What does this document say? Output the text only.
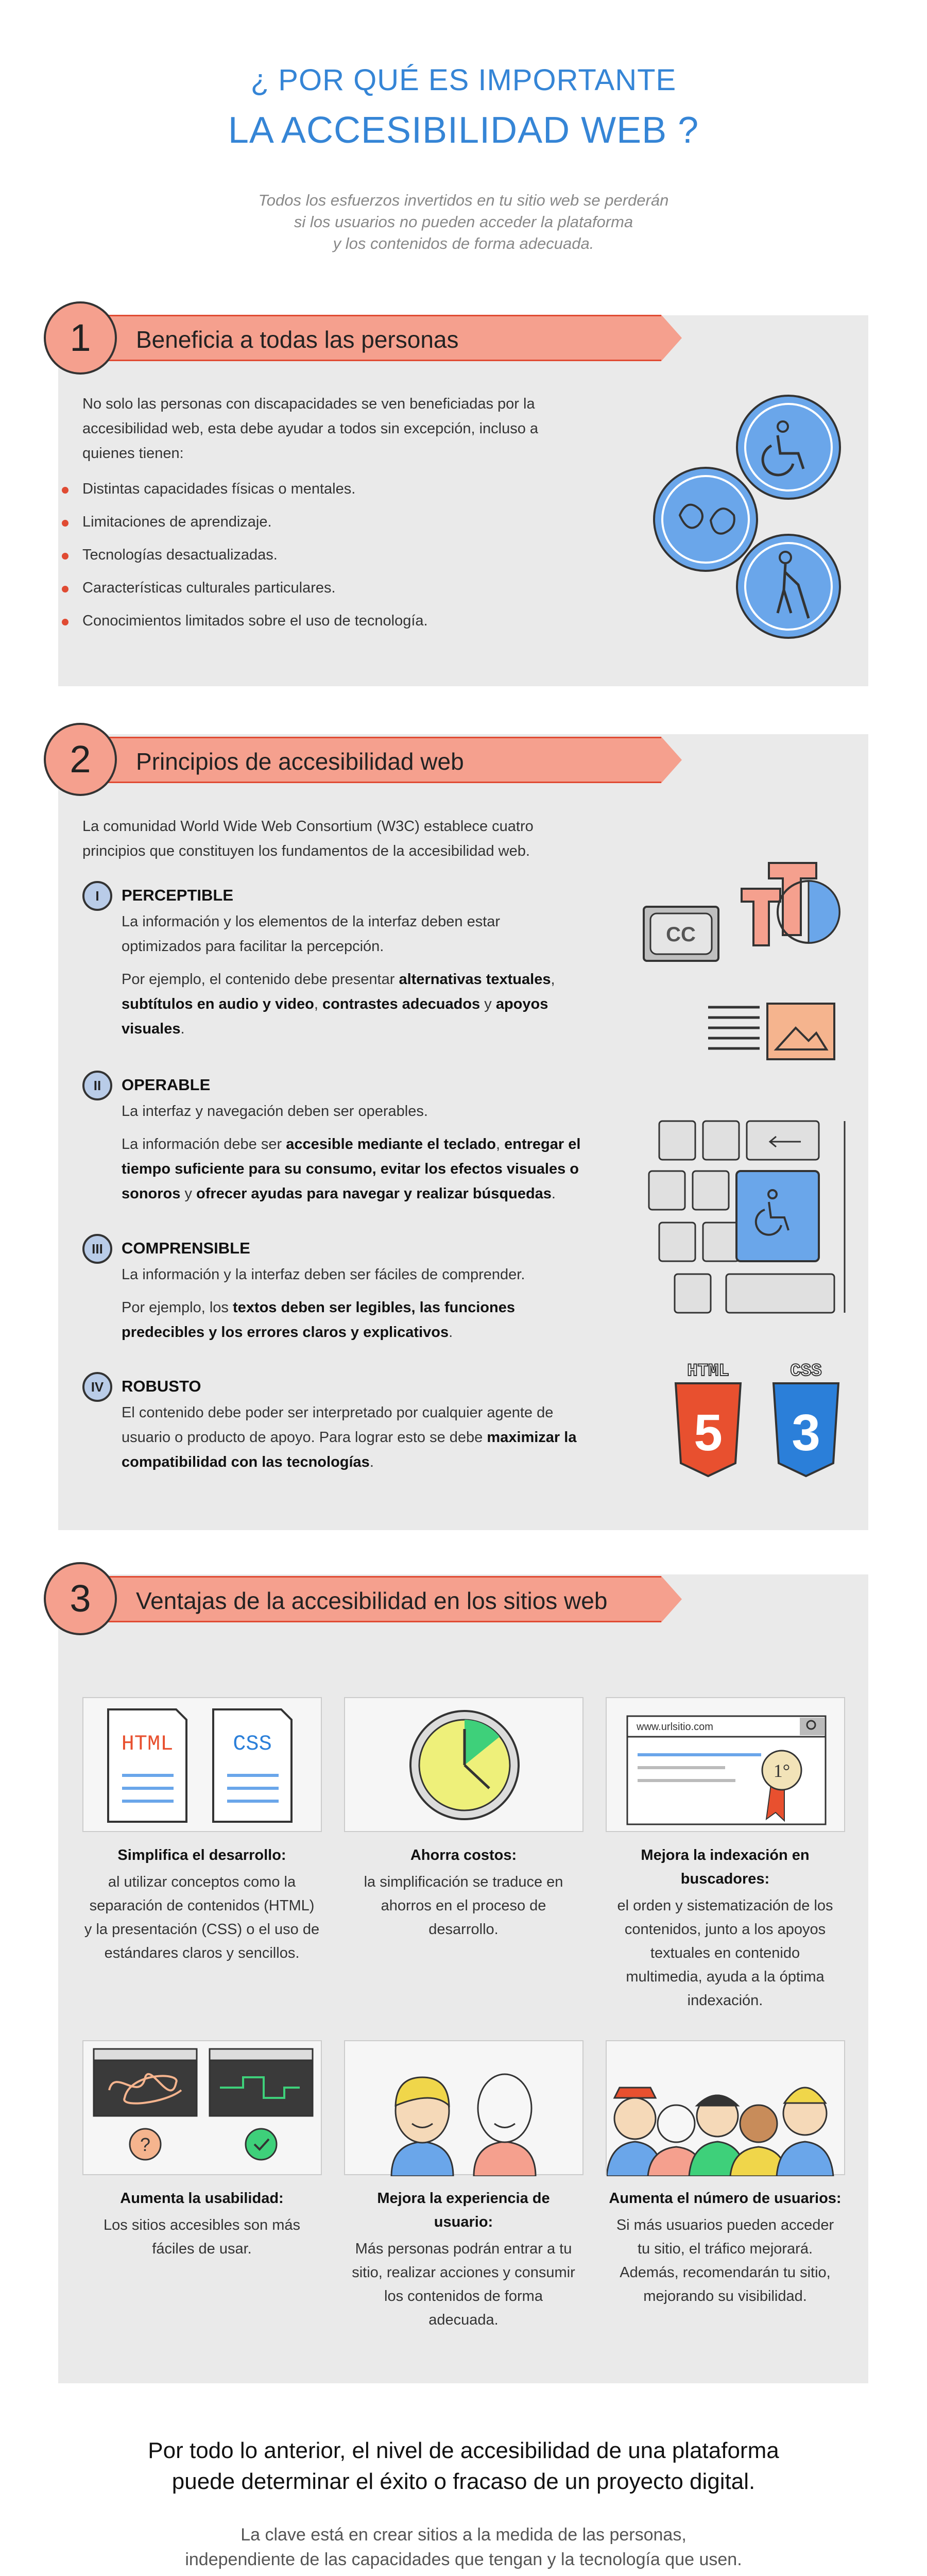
¿ POR QUÉ ES IMPORTANTE
LA ACCESIBILIDAD WEB ?
Todos los esfuerzos invertidos en tu sitio web se perderán
si los usuarios no pueden acceder la plataforma
y los contenidos de forma adecuada.
Beneficia a todas las personas
1
No solo las personas con discapacidades se ven beneficiadas por la
accesibilidad web, esta debe ayudar a todos sin excepción, incluso a
quienes tienen:
Distintas capacidades físicas o mentales.
Limitaciones de aprendizaje.
Tecnologías desactualizadas.
Características culturales particulares.
Conocimientos limitados sobre el uso de tecnología.
Principios de accesibilidad web
2
La comunidad World Wide Web Consortium (W3C) establece cuatro
principios que constituyen los fundamentos de la accesibilidad web.
I	PERCEPTIBLE
La información y los elementos de la interfaz deben estar
optimizados para facilitar la percepción.
Por ejemplo, el contenido debe presentar alternativas textuales,
subtítulos en audio y video, contrastes adecuados y apoyos
visuales.
II	OPERABLE
La interfaz y navegación deben ser operables.
La información debe ser accesible mediante el teclado, entregar el
tiempo suficiente para su consumo, evitar los efectos visuales o
sonoros y ofrecer ayudas para navegar y realizar búsquedas.
III	COMPRENSIBLE
La información y la interfaz deben ser fáciles de comprender.
Por ejemplo, los textos deben ser legibles, las funciones
predecibles y los errores claros y explicativos.
IV	ROBUSTO
El contenido debe poder ser interpretado por cualquier agente de
usuario o producto de apoyo. Para lograr esto se debe maximizar la
compatibilidad con las tecnologías.
CC
HTML
5
CSS
3
Ventajas de la accesibilidad en los sitios web
3
HTML	CSS
www.urlsitio.com
1°
Simplifica el desarrollo:
al utilizar conceptos como la
separación de contenidos (HTML)
y la presentación (CSS) o el uso de
estándares claros y sencillos.
Ahorra costos:
la simplificación se traduce en
ahorros en el proceso de
desarrollo.
Mejora la indexación en
buscadores:
el orden y sistematización de los
contenidos, junto a los apoyos
textuales en contenido
multimedia, ayuda a la óptima
indexación.
?
Aumenta la usabilidad:
Los sitios accesibles son más
fáciles de usar.
Mejora la experiencia de
usuario:
Más personas podrán entrar a tu
sitio, realizar acciones y consumir
los contenidos de forma
adecuada.
Aumenta el número de usuarios:
Si más usuarios pueden acceder
tu sitio, el tráfico mejorará.
Además, recomendarán tu sitio,
mejorando su visibilidad.
Por todo lo anterior, el nivel de accesibilidad de una plataforma
puede determinar el éxito o fracaso de un proyecto digital.
La clave está en crear sitios a la medida de las personas,
independiente de las capacidades que tengan y la tecnología que usen.
